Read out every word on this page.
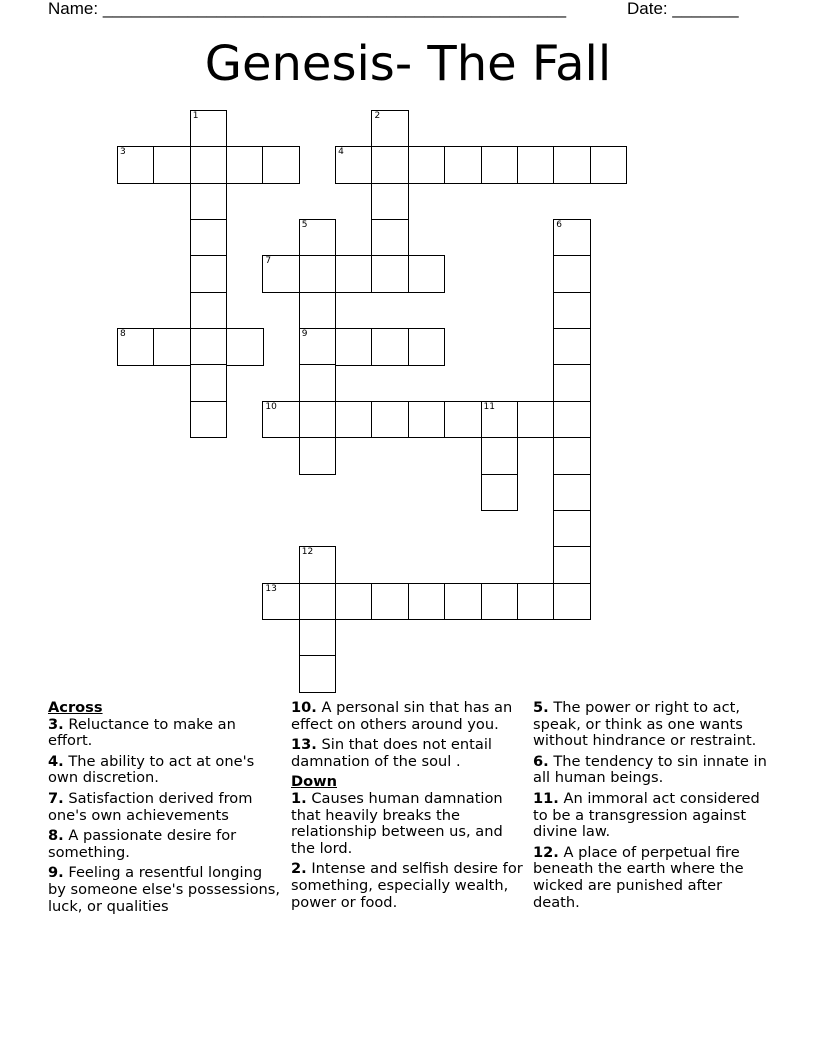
Name: _________________________________________________	Date: _______
Genesis- The Fall
1	2
3	4
5	6
7
8	9
10	11
12
13
Across
3. Reluctance to make an effort.
4. The ability to act at one's own discretion.
7. Satisfaction derived from one's own achievements
8. A passionate desire for something.
9. Feeling a resentful longing by someone else's possessions, luck, or qualities
10. A personal sin that has an effect on others around you.
13. Sin that does not entail damnation of the soul .
Down
1. Causes human damnation that heavily breaks the relationship between us, and the lord.
2. Intense and selfish desire for something, especially wealth, power or food.
5. The power or right to act, speak, or think as one wants without hindrance or restraint.
6. The tendency to sin innate in all human beings.
11. An immoral act considered to be a transgression against divine law.
12. A place of perpetual fire beneath the earth where the wicked are punished after death.
